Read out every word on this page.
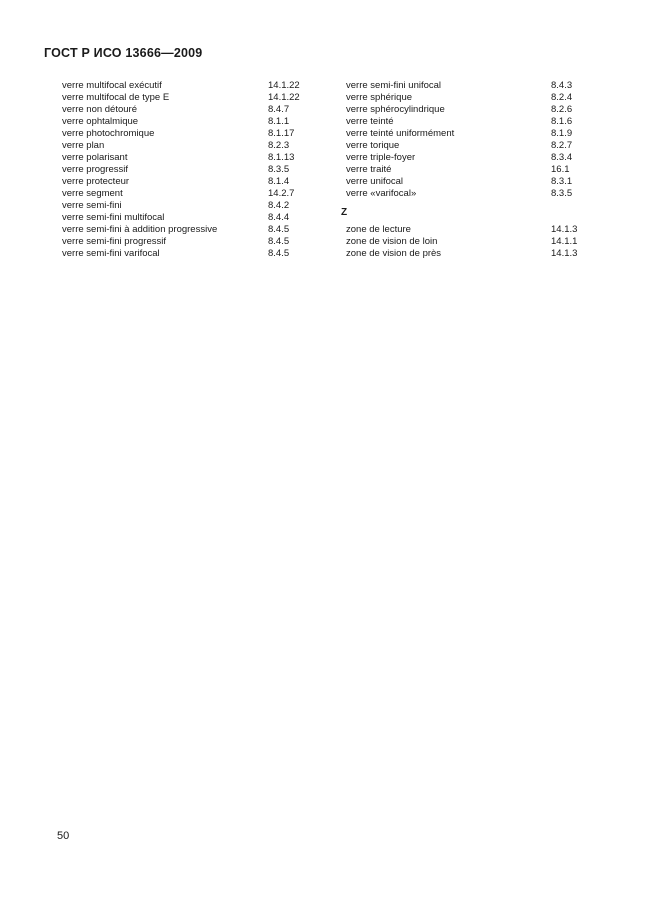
ГОСТ Р ИСО 13666—2009
verre multifocal exécutif	14.1.22
verre multifocal de type E	14.1.22
verre non détouré	8.4.7
verre ophtalmique	8.1.1
verre photochromique	8.1.17
verre plan	8.2.3
verre polarisant	8.1.13
verre progressif	8.3.5
verre protecteur	8.1.4
verre segment	14.2.7
verre semi-fini	8.4.2
verre semi-fini multifocal	8.4.4
verre semi-fini à addition progressive	8.4.5
verre semi-fini progressif	8.4.5
verre semi-fini varifocal	8.4.5
verre semi-fini unifocal	8.4.3
verre sphérique	8.2.4
verre sphérocylindrique	8.2.6
verre teinté	8.1.6
verre teinté uniformément	8.1.9
verre torique	8.2.7
verre triple-foyer	8.3.4
verre traité	16.1
verre unifocal	8.3.1
verre «varifocal»	8.3.5
Z
zone de lecture	14.1.3
zone de vision de loin	14.1.1
zone de vision de près	14.1.3
50
